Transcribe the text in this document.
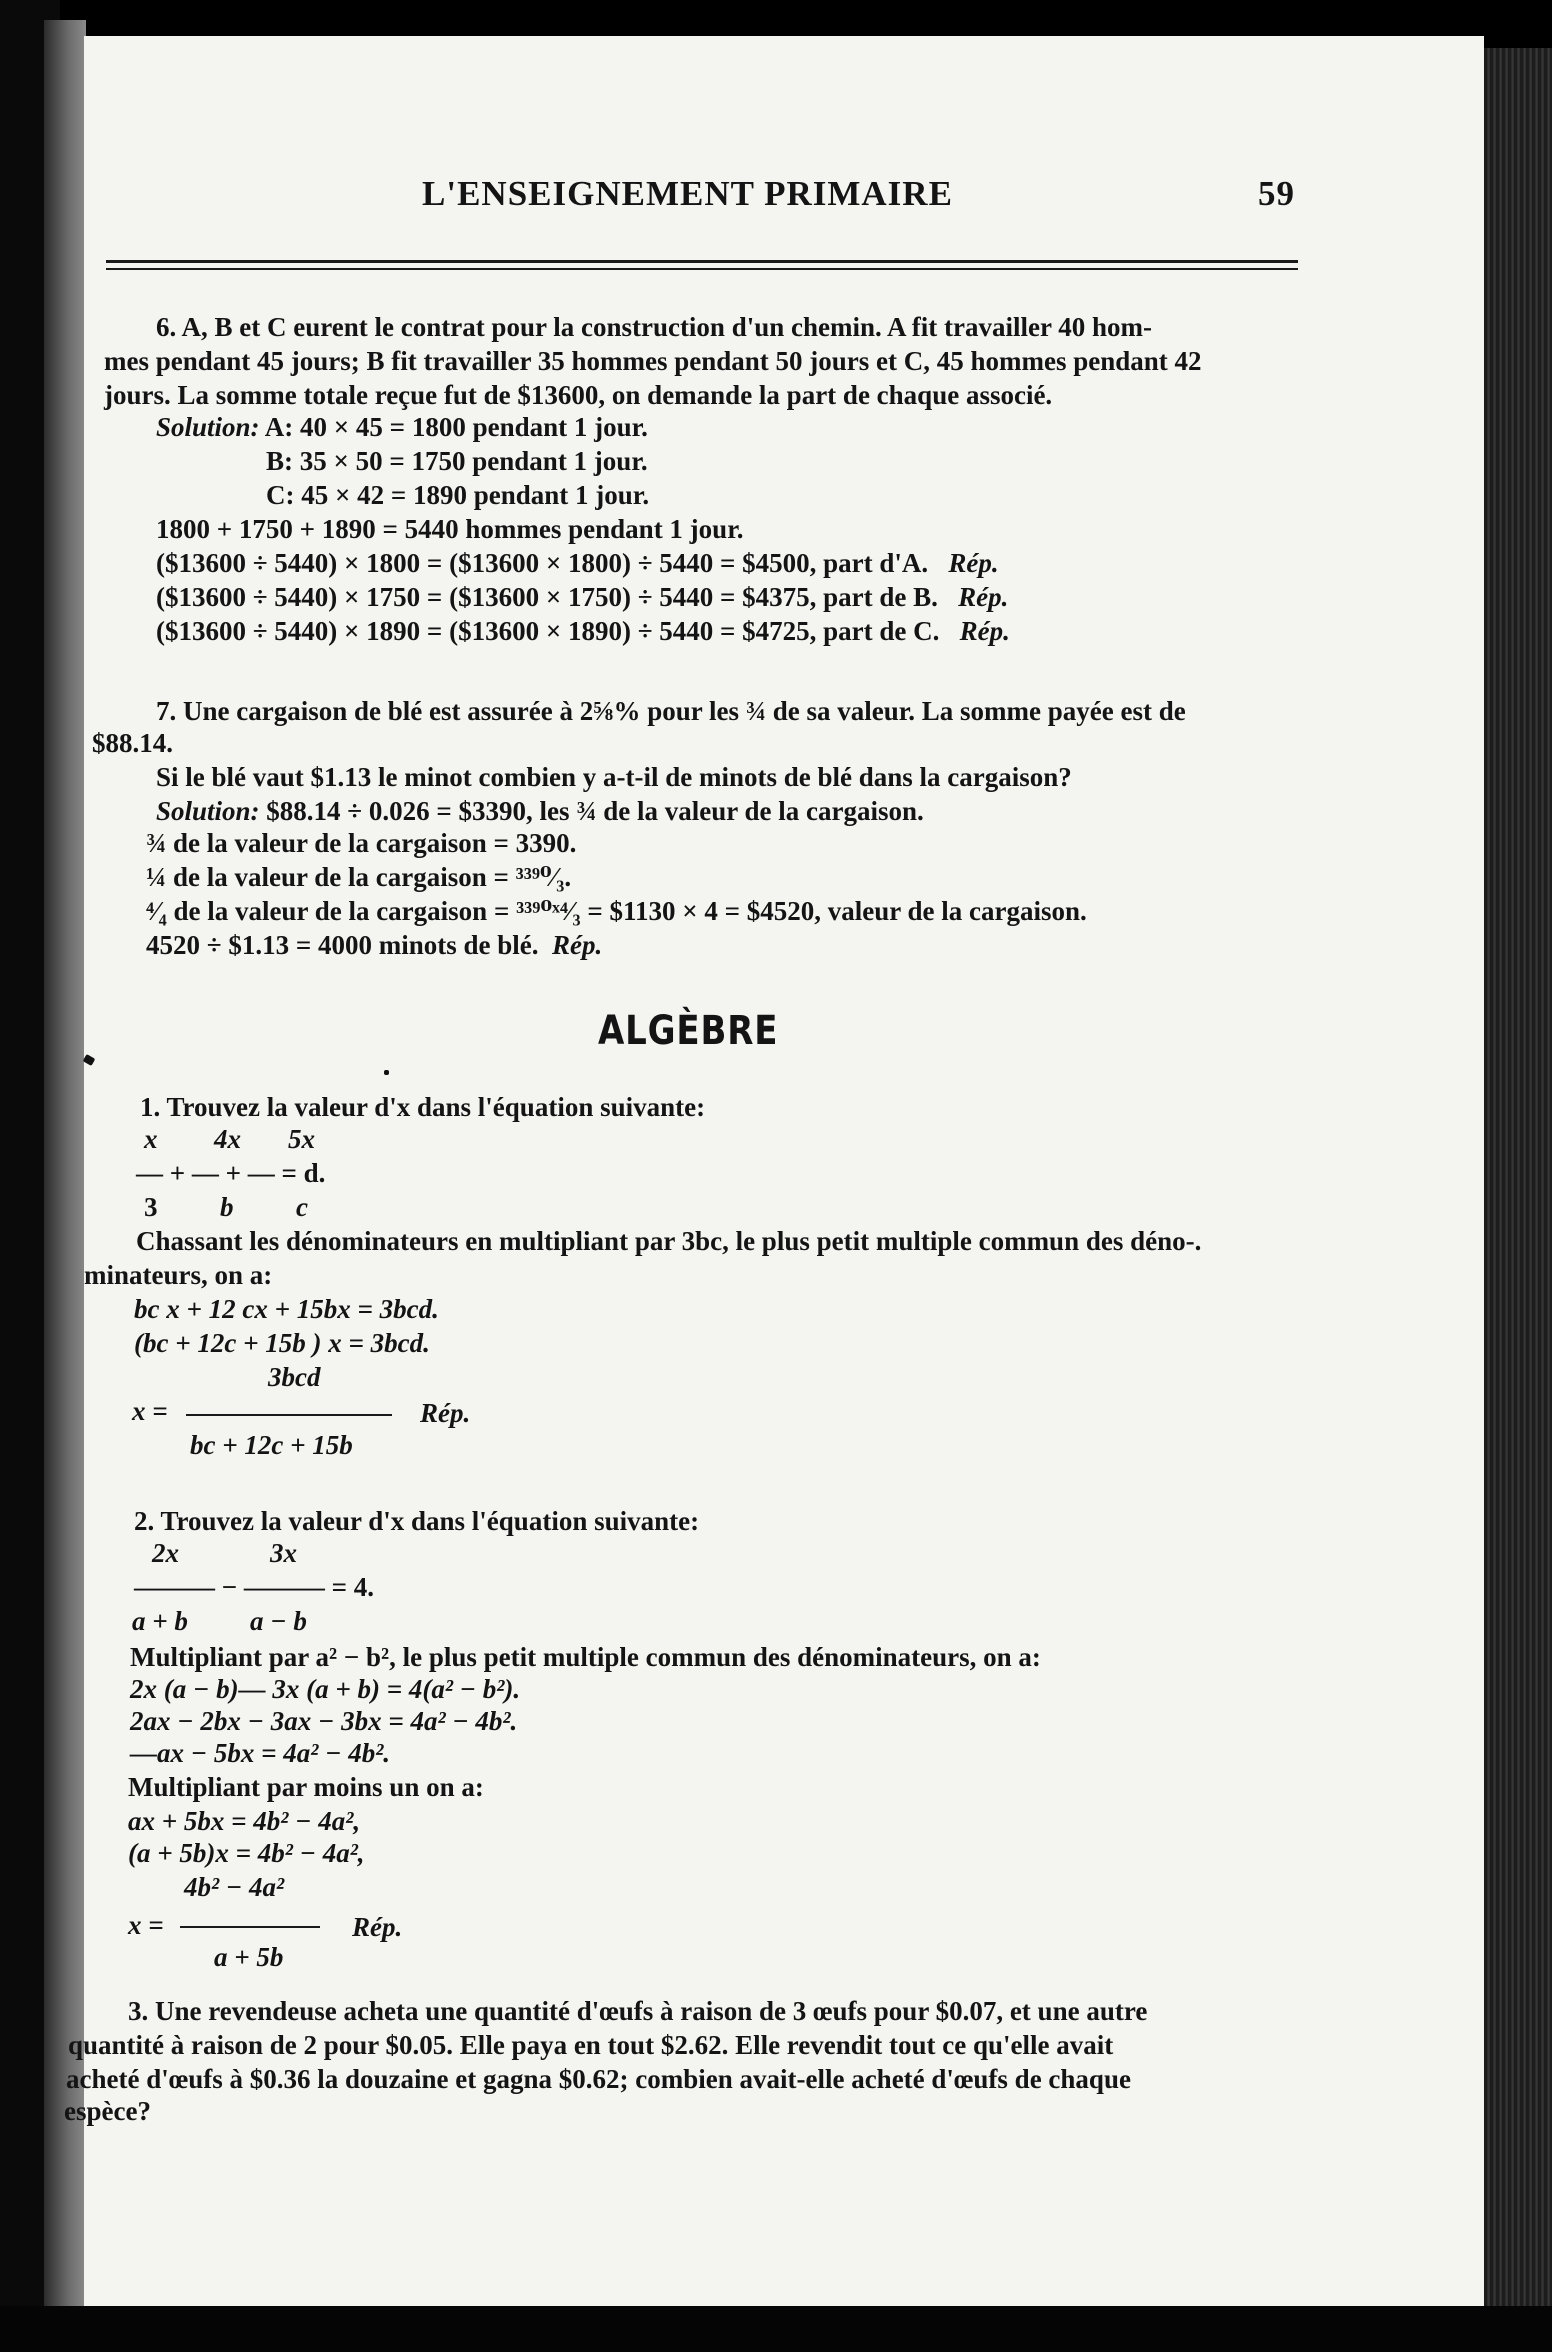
L'ENSEIGNEMENT PRIMAIRE	59
6. A, B et C eurent le contrat pour la construction d'un chemin. A fit travailler 40 hom-
mes pendant 45 jours; B fit travailler 35 hommes pendant 50 jours et C, 45 hommes pendant 42
jours. La somme totale reçue fut de $13600, on demande la part de chaque associé.
Solution: A: 40 × 45 = 1800 pendant 1 jour.
B: 35 × 50 = 1750 pendant 1 jour.
C: 45 × 42 = 1890 pendant 1 jour.
1800 + 1750 + 1890 = 5440 hommes pendant 1 jour.
($13600 ÷ 5440) × 1800 = ($13600 × 1800) ÷ 5440 = $4500, part d'A. Rép.
($13600 ÷ 5440) × 1750 = ($13600 × 1750) ÷ 5440 = $4375, part de B. Rép.
($13600 ÷ 5440) × 1890 = ($13600 × 1890) ÷ 5440 = $4725, part de C. Rép.
7. Une cargaison de blé est assurée à 2⅝% pour les ¾ de sa valeur. La somme payée est de
$88.14.
Si le blé vaut $1.13 le minot combien y a-t-il de minots de blé dans la cargaison?
Solution: $88.14 ÷ 0.026 = $3390, les ¾ de la valeur de la cargaison.
¾ de la valeur de la cargaison = 3390.
¼ de la valeur de la cargaison = ³³⁹⁰⁄₃.
⁴⁄₄ de la valeur de la cargaison = ³³⁹⁰ˣ⁴⁄₃ = $1130 × 4 = $4520, valeur de la cargaison.
4520 ÷ $1.13 = 4000 minots de blé. Rép.
ALGÈBRE
1. Trouvez la valeur d'x dans l'équation suivante:
x 4x 5x
— + — + — = d.
3 b c
Chassant les dénominateurs en multipliant par 3bc, le plus petit multiple commun des déno-.
minateurs, on a:
bc x + 12 cx + 15bx = 3bcd.
(bc + 12c + 15b ) x = 3bcd.
3bcd
x =	Rép.
bc + 12c + 15b
2. Trouvez la valeur d'x dans l'équation suivante:
2x	3x
——— − ——— = 4.
a + b a − b
Multipliant par a² − b², le plus petit multiple commun des dénominateurs, on a:
2x (a − b)— 3x (a + b) = 4(a² − b²).
2ax − 2bx − 3ax − 3bx = 4a² − 4b².
—ax − 5bx = 4a² − 4b².
Multipliant par moins un on a:
ax + 5bx = 4b² − 4a²,
(a + 5b)x = 4b² − 4a²,
4b² − 4a²
x =	Rép.
a + 5b
3. Une revendeuse acheta une quantité d'œufs à raison de 3 œufs pour $0.07, et une autre
quantité à raison de 2 pour $0.05. Elle paya en tout $2.62. Elle revendit tout ce qu'elle avait
acheté d'œufs à $0.36 la douzaine et gagna $0.62; combien avait-elle acheté d'œufs de chaque
espèce?
